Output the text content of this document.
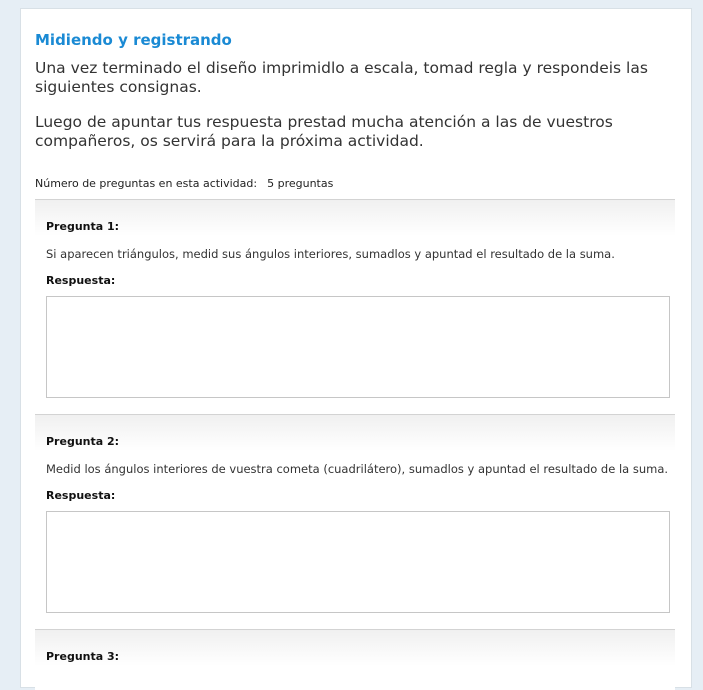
Midiendo y registrando
Una vez terminado el diseño imprimidlo a escala, tomad regla y respondeis las siguientes consignas.
Luego de apuntar tus respuesta prestad mucha atención a las de vuestros compañeros, os servirá para la próxima actividad.
Número de preguntas en esta actividad: 5 preguntas
Pregunta 1:
Si aparecen triángulos, medid sus ángulos interiores, sumadlos y apuntad el resultado de la suma.
Respuesta:
Pregunta 2:
Medid los ángulos interiores de vuestra cometa (cuadrilátero), sumadlos y apuntad el resultado de la suma.
Respuesta:
Pregunta 3:
